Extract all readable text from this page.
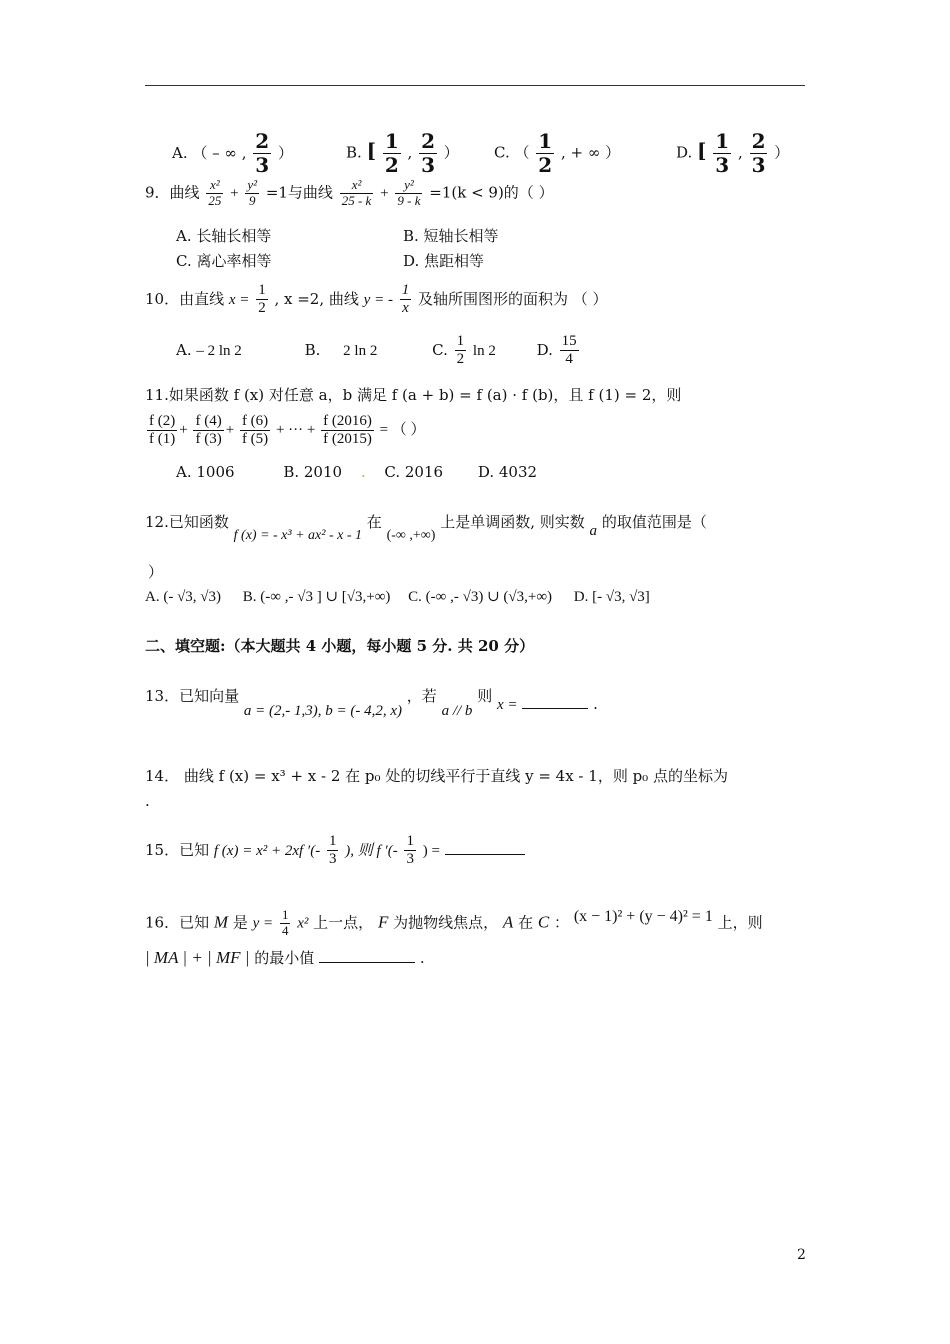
A. （ – ∞ , $\frac{2}{3}$ ）	B. [ $\frac{1}{2}$ , $\frac{2}{3}$ ） C. （ $\frac{1}{2}$ , + ∞ ）	D. [ $\frac{1}{3}$ , $\frac{2}{3}$ ）
9．曲线 $\frac{\text{x²}}{25} + \frac{\text{y²}}{9} =1$与曲线 $\frac{\text{x²}}{25 - k} + \frac{\text{y²}}{9 - k} =1(k < 9)$的（ ）
A. 长轴长相等	B. 短轴长相等
C. 离心率相等	D. 焦距相等
10．由直线 $x = \frac{1}{2}$ , x =2, 曲线 y = - $\frac{1}{x}$ 及轴所围图形的面积为 （ ）
A. – 2 ln 2	B. 2 ln 2	C. $\frac{1}{2}$ ln 2	D. $\frac{15}{4}$
11.如果函数 f (x) 对任意 a，b 满足 f (a + b) = f (a) · f (b)，且 f (1) = 2，则
$\frac{f (2)}{f (1)} + \frac{f (4)}{f (3)} + \frac{f (6)}{f (5)}$ + ··· + $\frac{f (2016)}{f (2015)}$ = （ ）
A. 1006	B. 2010 . C. 2016 D. 4032
12.已知函数 f (x) = - x³ + ax² - x - 1 在 (-∞ ,+∞) 上是单调函数, 则实数 a 的取值范围是（
）
A. (- √3, √3) B. (-∞ ,- √3 ] ∪ [√3,+∞) C. (-∞ ,- √3) ∪ (√3,+∞) D. [- √3, √3]
二、填空题:（本大题共 4 小题，每小题 5 分. 共 20 分）
13．已知向量 a = (2,- 1,3), b = (- 4,2, x) ，若 a // b 则 x =	.
14． 曲线 f (x) = x³ + x - 2 在 p₀ 处的切线平行于直线 y = 4x - 1，则 p₀ 点的坐标为
.
15．已知 f (x) = x² + 2xf ′(- $\frac{1}{3}$ ), 则 f ′(- $\frac{1}{3}$ ) =
16．已知 M 是 $y = \frac{1}{4} x^2$ 上一点， F 为抛物线焦点， A 在 C ： (x − 1)² + (y − 4)² = 1 上，则
| MA | + | MF | 的最小值	.
2
